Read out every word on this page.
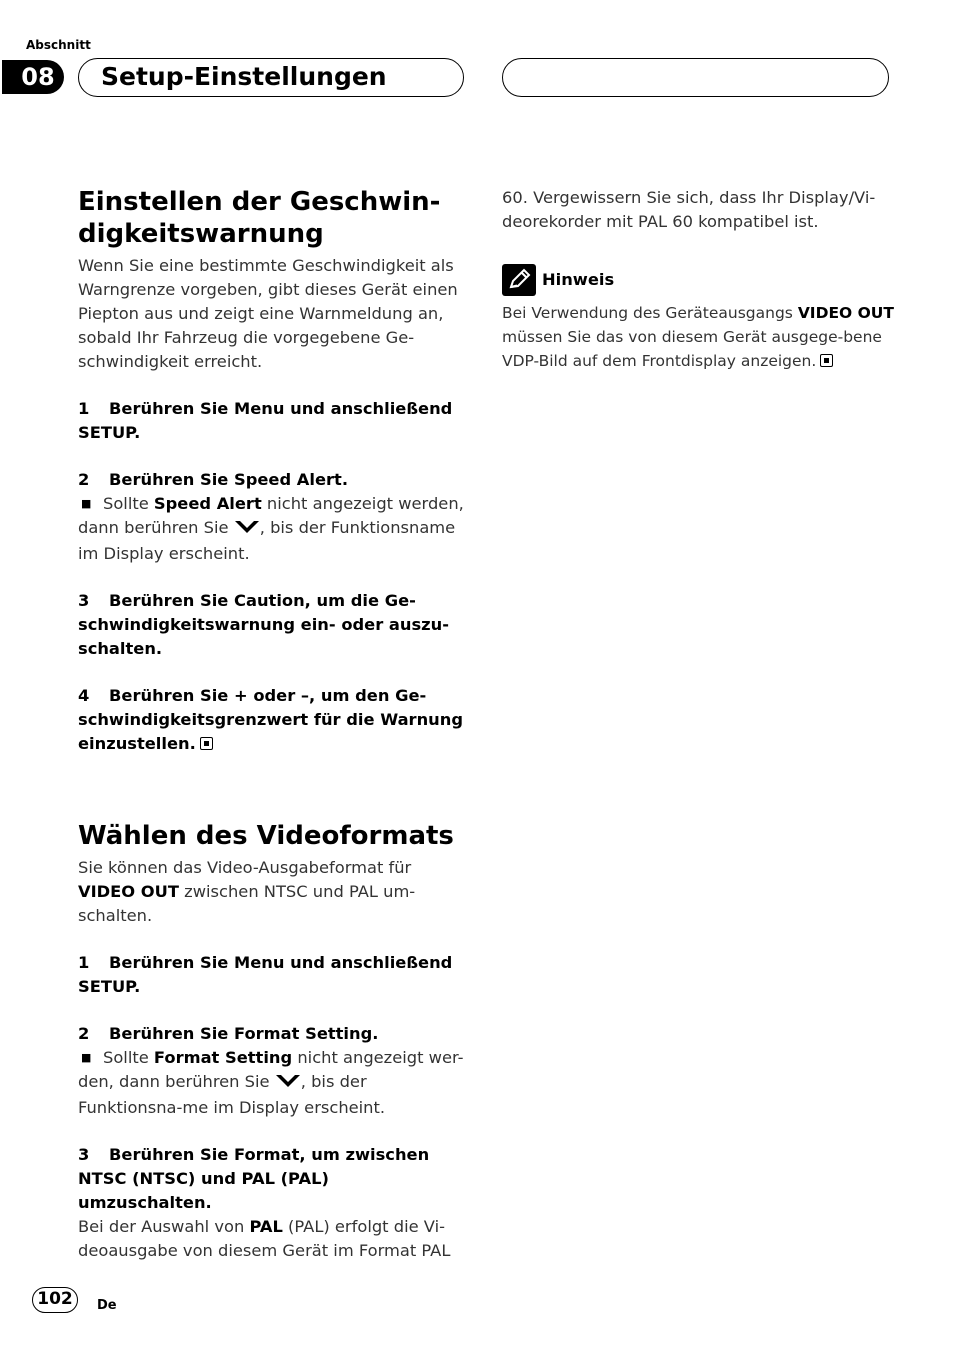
Abschnitt
08	Setup-Einstellungen
Einstellen der Geschwin-
digkeitswarnung

Wenn Sie eine bestimmte Geschwindigkeit als Warngrenze vorgeben, gibt dieses Gerät einen Piepton aus und zeigt eine Warnmeldung an, sobald Ihr Fahrzeug die vorgegebene Ge-schwindigkeit erreicht.

1 Berühren Sie Menu und anschließend SETUP.

2 Berühren Sie Speed Alert.

■ Sollte Speed Alert nicht angezeigt werden, dann berühren Sie , bis der Funktionsname im Display erscheint.

3 Berühren Sie Caution, um die Ge-schwindigkeitswarnung ein- oder auszu-schalten.

4 Berühren Sie + oder –, um den Ge-schwindigkeitsgrenzwert für die Warnung einzustellen.

Wählen des Videoformats

Sie können das Video-Ausgabeformat für VIDEO OUT zwischen NTSC und PAL um-schalten.

1 Berühren Sie Menu und anschließend SETUP.

2 Berühren Sie Format Setting.

■ Sollte Format Setting nicht angezeigt wer-den, dann berühren Sie , bis der Funktionsna-me im Display erscheint.

3 Berühren Sie Format, um zwischen NTSC (NTSC) und PAL (PAL) umzuschalten.

Bei der Auswahl von PAL (PAL) erfolgt die Vi-deoausgabe von diesem Gerät im Format PAL

60. Vergewissern Sie sich, dass Ihr Display/Vi-deorekorder mit PAL 60 kompatibel ist.

Hinweis

Bei Verwendung des Geräteausgangs VIDEO OUT müssen Sie das von diesem Gerät ausgege-bene VDP-Bild auf dem Frontdisplay anzeigen.

102	De
